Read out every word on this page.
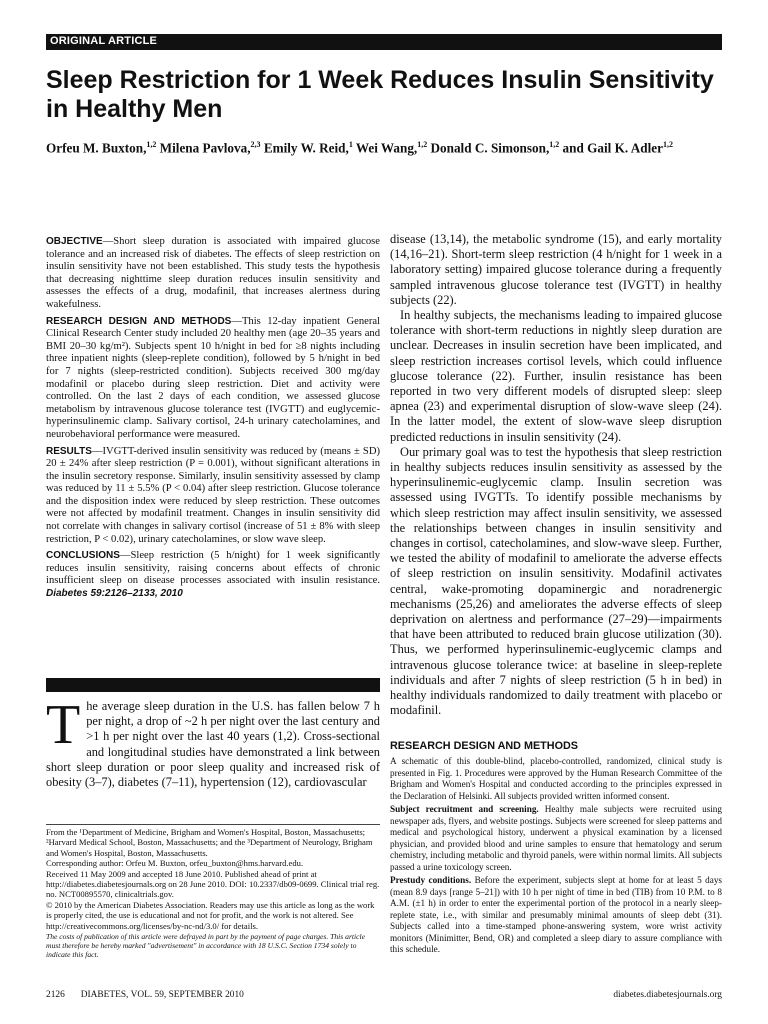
ORIGINAL ARTICLE
Sleep Restriction for 1 Week Reduces Insulin Sensitivity in Healthy Men
Orfeu M. Buxton,$^{1,2}$ Milena Pavlova,$^{2,3}$ Emily W. Reid,$^1$ Wei Wang,$^{1,2}$ Donald C. Simonson,$^{1,2}$ and Gail K. Adler$^{1,2}$

OBJECTIVE—Short sleep duration is associated with impaired glucose tolerance and an increased risk of diabetes. The effects of sleep restriction on insulin sensitivity have not been established. This study tests the hypothesis that decreasing nighttime sleep duration reduces insulin sensitivity and assesses the effects of a drug, modafinil, that increases alertness during wakefulness.

RESEARCH DESIGN AND METHODS—This 12-day inpatient General Clinical Research Center study included 20 healthy men (age 20–35 years and BMI 20–30 kg/m²). Subjects spent 10 h/night in bed for ≥8 nights including three inpatient nights (sleep-replete condition), followed by 5 h/night in bed for 7 nights (sleep-restricted condition). Subjects received 300 mg/day modafinil or placebo during sleep restriction. Diet and activity were controlled. On the last 2 days of each condition, we assessed glucose metabolism by intravenous glucose tolerance test (IVGTT) and euglycemic-hyperinsulinemic clamp. Salivary cortisol, 24-h urinary catecholamines, and neurobehavioral performance were measured.

RESULTS—IVGTT-derived insulin sensitivity was reduced by (means ± SD) 20 ± 24% after sleep restriction (P = 0.001), without significant alterations in the insulin secretory response. Similarly, insulin sensitivity assessed by clamp was reduced by 11 ± 5.5% (P < 0.04) after sleep restriction. Glucose tolerance and the disposition index were reduced by sleep restriction. These outcomes were not affected by modafinil treatment. Changes in insulin sensitivity did not correlate with changes in salivary cortisol (increase of 51 ± 8% with sleep restriction, P < 0.02), urinary catecholamines, or slow wave sleep.

CONCLUSIONS—Sleep restriction (5 h/night) for 1 week significantly reduces insulin sensitivity, raising concerns about effects of chronic insufficient sleep on disease processes associated with insulin resistance. Diabetes 59:2126–2133, 2010

The average sleep duration in the U.S. has fallen below 7 h per night, a drop of ~2 h per night over the last century and >1 h per night over the last 40 years (1,2). Cross-sectional and longitudinal studies have demonstrated a link between short sleep duration or poor sleep quality and increased risk of obesity (3–7), diabetes (7–11), hypertension (12), cardiovascular

From the ¹Department of Medicine, Brigham and Women's Hospital, Boston, Massachusetts; ²Harvard Medical School, Boston, Massachusetts; and the ³Department of Neurology, Brigham and Women's Hospital, Boston, Massachusetts.

Corresponding author: Orfeu M. Buxton, orfeu_buxton@hms.harvard.edu.

Received 11 May 2009 and accepted 18 June 2010. Published ahead of print at http://diabetes.diabetesjournals.org on 28 June 2010. DOI: 10.2337/db09-0699. Clinical trial reg. no. NCT00895570, clinicaltrials.gov.

© 2010 by the American Diabetes Association. Readers may use this article as long as the work is properly cited, the use is educational and not for profit, and the work is not altered. See http://creativecommons.org/licenses/by-nc-nd/3.0/ for details.

The costs of publication of this article were defrayed in part by the payment of page charges. This article must therefore be hereby marked "advertisement" in accordance with 18 U.S.C. Section 1734 solely to indicate this fact.

disease (13,14), the metabolic syndrome (15), and early mortality (14,16–21). Short-term sleep restriction (4 h/night for 1 week in a laboratory setting) impaired glucose tolerance during a frequently sampled intravenous glucose tolerance test (IVGTT) in healthy subjects (22).

In healthy subjects, the mechanisms leading to impaired glucose tolerance with short-term reductions in nightly sleep duration are unclear. Decreases in insulin secretion have been implicated, and sleep restriction increases cortisol levels, which could influence glucose tolerance (22). Further, insulin resistance has been reported in two very different models of disrupted sleep: sleep apnea (23) and experimental disruption of slow-wave sleep (24). In the latter model, the extent of slow-wave sleep disruption predicted reductions in insulin sensitivity (24).

Our primary goal was to test the hypothesis that sleep restriction in healthy subjects reduces insulin sensitivity as assessed by the hyperinsulinemic-euglycemic clamp. Insulin secretion was assessed using IVGTTs. To identify possible mechanisms by which sleep restriction may affect insulin sensitivity, we assessed the relationships between changes in insulin sensitivity and changes in cortisol, catecholamines, and slow-wave sleep. Further, we tested the ability of modafinil to ameliorate the adverse effects of sleep restriction on insulin sensitivity. Modafinil activates central, wake-promoting dopaminergic and noradrenergic mechanisms (25,26) and ameliorates the adverse effects of sleep deprivation on alertness and performance (27–29)—impairments that have been attributed to reduced brain glucose utilization (30). Thus, we performed hyperinsulinemic-euglycemic clamps and intravenous glucose tolerance twice: at baseline in sleep-replete individuals and after 7 nights of sleep restriction (5 h in bed) in healthy individuals randomized to daily treatment with placebo or modafinil.

RESEARCH DESIGN AND METHODS

A schematic of this double-blind, placebo-controlled, randomized, clinical study is presented in Fig. 1. Procedures were approved by the Human Research Committee of the Brigham and Women's Hospital and conducted according to the principles expressed in the Declaration of Helsinki. All subjects provided written informed consent.

Subject recruitment and screening. Healthy male subjects were recruited using newspaper ads, flyers, and website postings. Subjects were screened for sleep patterns and medical and psychological history, underwent a physical examination by a licensed physician, and provided blood and urine samples to ensure that hematology and serum chemistry, including metabolic and thyroid panels, were within normal limits. All subjects passed a urine toxicology screen.

Prestudy conditions. Before the experiment, subjects slept at home for at least 5 days (mean 8.9 days [range 5–21]) with 10 h per night of time in bed (TIB) from 10 P.M. to 8 A.M. (±1 h) in order to enter the experimental portion of the protocol in a nearly sleep-replete state, i.e., with similar and presumably minimal amounts of sleep debt (31). Subjects called into a time-stamped phone-answering system, wore wrist activity monitors (Minimitter, Bend, OR) and completed a sleep diary to assure compliance with this schedule.

2126 DIABETES, VOL. 59, SEPTEMBER 2010	diabetes.diabetesjournals.org
